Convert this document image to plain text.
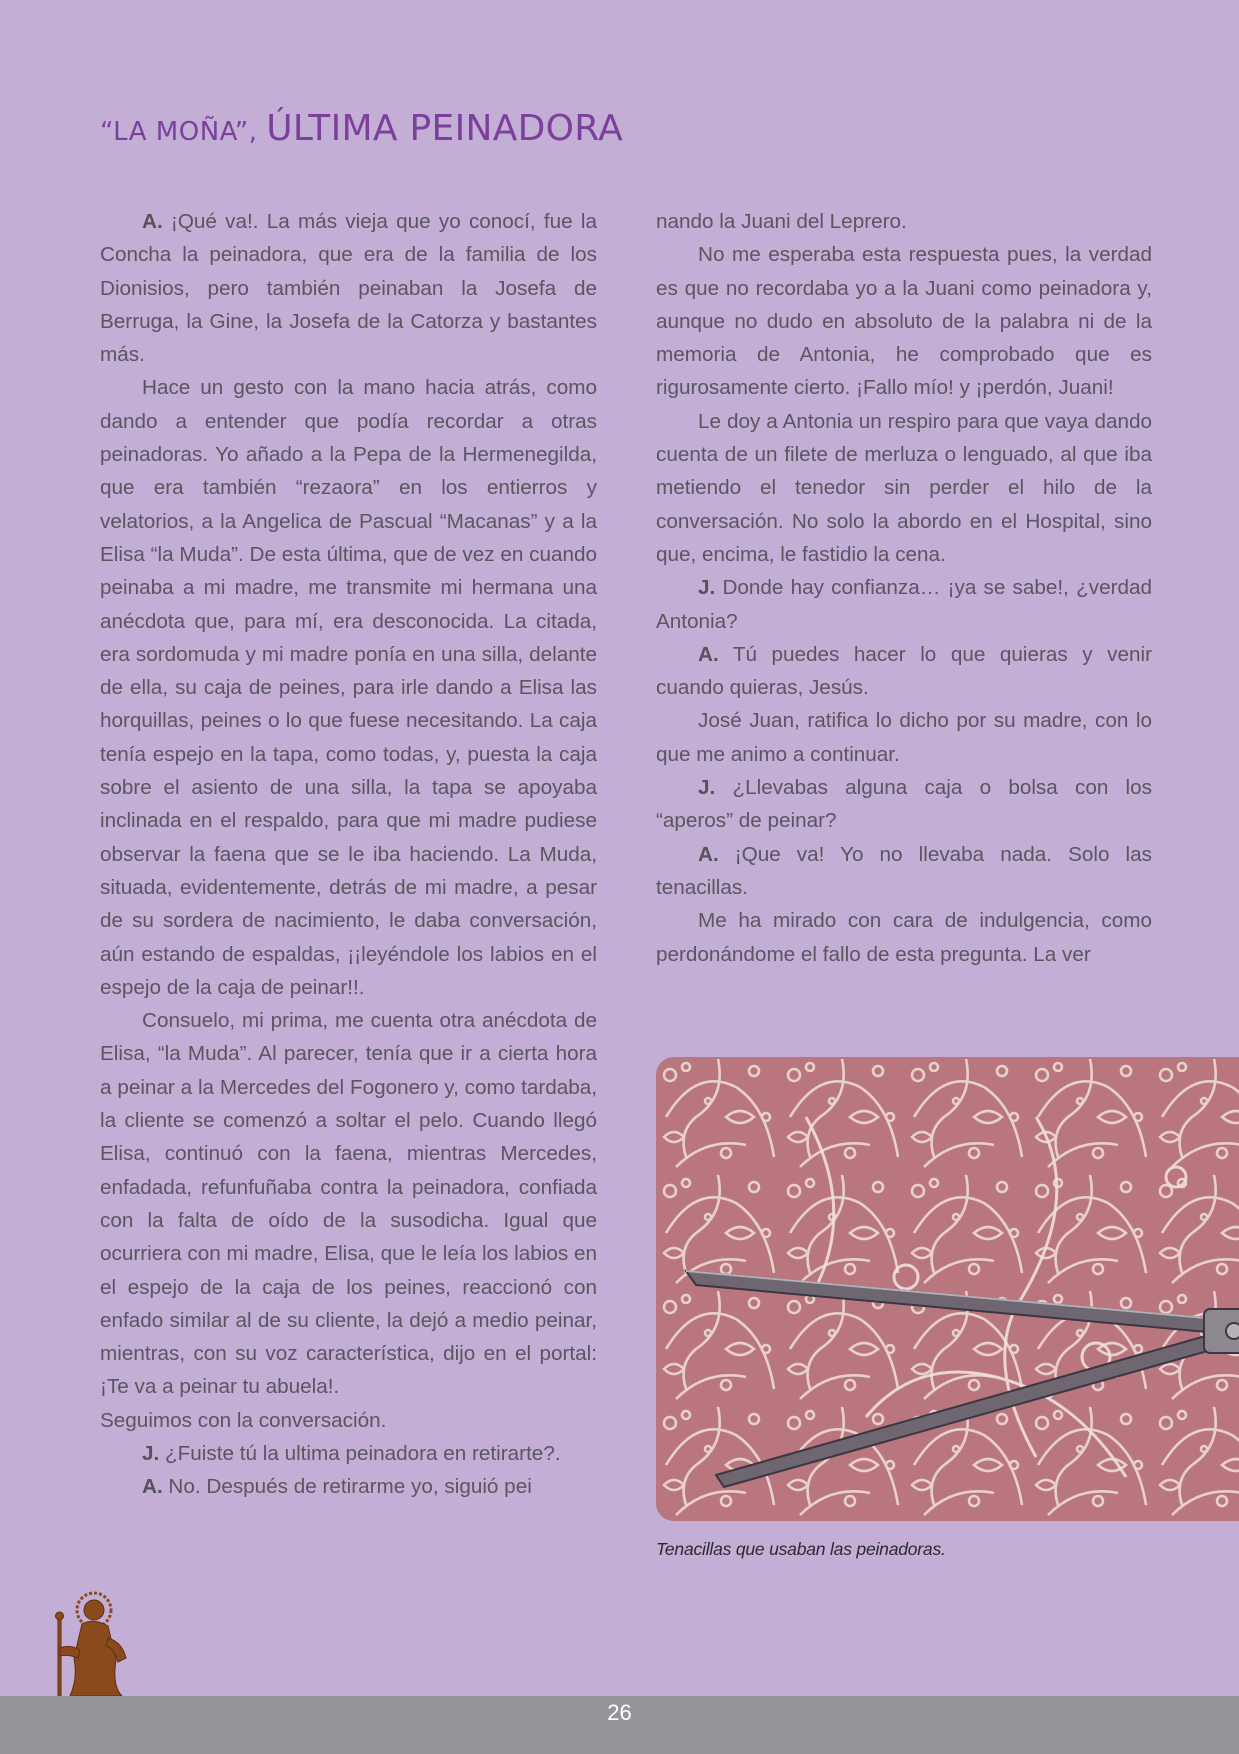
“LA MOÑA”, ÚLTIMA PEINADORA

A. ¡Qué va!. La más vieja que yo conocí, fue la Concha la peinadora, que era de la familia de los Dionisios, pero también peinaban la Josefa de Berruga, la Gine, la Josefa de la Catorza y bastantes más.

Hace un gesto con la mano hacia atrás, como dando a entender que podía recordar a otras peinadoras. Yo añado a la Pepa de la Hermenegilda, que era también “rezaora” en los entierros y velatorios, a la Angelica de Pascual “Macanas” y a la Elisa “la Muda”. De esta última, que de vez en cuando peinaba a mi madre, me transmite mi hermana una anécdota que, para mí, era desconocida. La citada, era sordomuda y mi madre ponía en una silla, delante de ella, su caja de peines, para irle dando a Elisa las horquillas, peines o lo que fuese necesitando. La caja tenía espejo en la tapa, como todas, y, puesta la caja sobre el asiento de una silla, la tapa se apoyaba inclinada en el respaldo, para que mi madre pudiese observar la faena que se le iba haciendo. La Muda, situada, evidentemente, detrás de mi madre, a pesar de su sordera de nacimiento, le daba conversación, aún estando de espaldas, ¡¡leyéndole los labios en el espejo de la caja de peinar!!.

Consuelo, mi prima, me cuenta otra anécdota de Elisa, “la Muda”. Al parecer, tenía que ir a cierta hora a peinar a la Mercedes del Fogonero y, como tardaba, la cliente se comenzó a soltar el pelo. Cuando llegó Elisa, continuó con la faena, mientras Mercedes, enfadada, refunfuñaba contra la peinadora, confiada con la falta de oído de la susodicha. Igual que ocurriera con mi madre, Elisa, que le leía los labios en el espejo de la caja de los peines, reaccionó con enfado similar al de su cliente, la dejó a medio peinar, mientras, con su voz característica, dijo en el portal: ¡Te va a peinar tu abuela!.

Seguimos con la conversación.

J. ¿Fuiste tú la ultima peinadora en retirarte?.

A. No. Después de retirarme yo, siguió pei

nando la Juani del Leprero.

No me esperaba esta respuesta pues, la verdad es que no recordaba yo a la Juani como peinadora y, aunque no dudo en absoluto de la palabra ni de la memoria de Antonia, he comprobado que es rigurosamente cierto. ¡Fallo mío! y ¡perdón, Juani!

Le doy a Antonia un respiro para que vaya dando cuenta de un filete de merluza o lenguado, al que iba metiendo el tenedor sin perder el hilo de la conversación. No solo la abordo en el Hospital, sino que, encima, le fastidio la cena.

J. Donde hay confianza… ¡ya se sabe!, ¿verdad Antonia?

A. Tú puedes hacer lo que quieras y venir cuando quieras, Jesús.

José Juan, ratifica lo dicho por su madre, con lo que me animo a continuar.

J. ¿Llevabas alguna caja o bolsa con los “aperos” de peinar?

A. ¡Que va! Yo no llevaba nada. Solo las tenacillas.

Me ha mirado con cara de indulgencia, como perdonándome el fallo de esta pregunta. La ver

Tenacillas que usaban las peinadoras.
26
